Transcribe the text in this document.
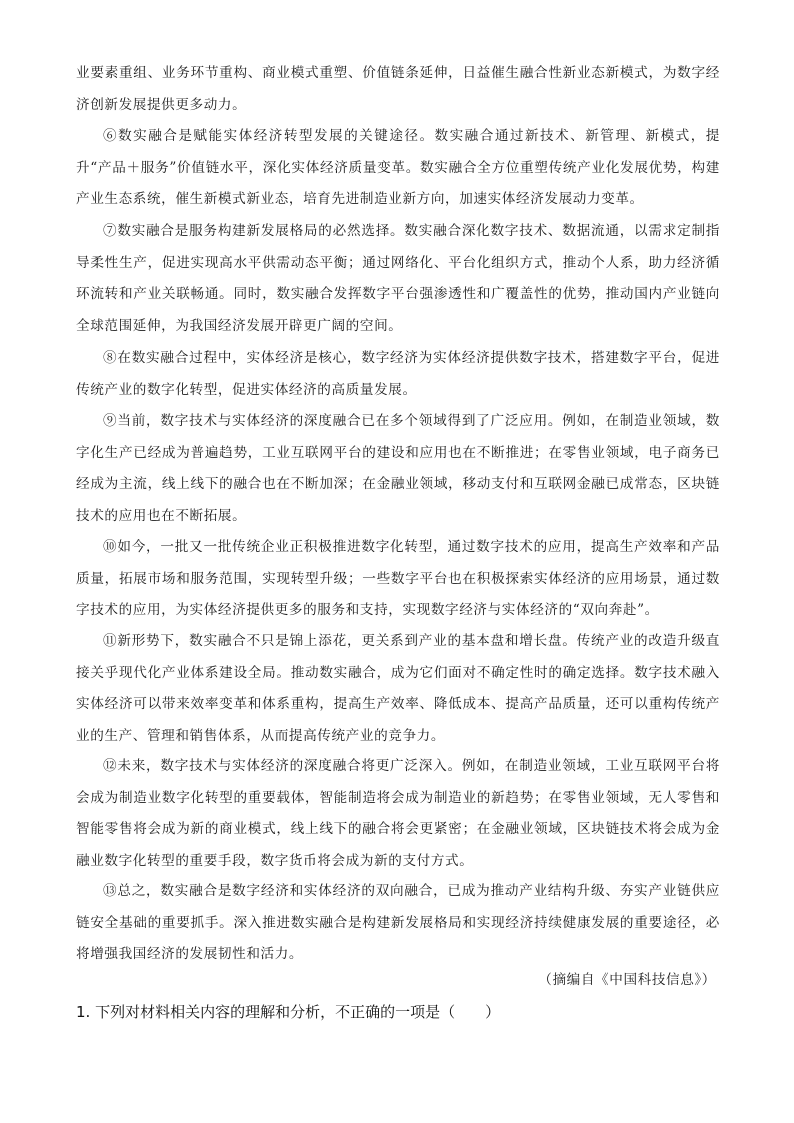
业要素重组、业务环节重构、商业模式重塑、价值链条延伸，日益催生融合性新业态新模式，为数字经济创新发展提供更多动力。

⑥数实融合是赋能实体经济转型发展的关键途径。数实融合通过新技术、新管理、新模式，提升“产品＋服务”价值链水平，深化实体经济质量变革。数实融合全方位重塑传统产业化发展优势，构建产业生态系统，催生新模式新业态，培育先进制造业新方向，加速实体经济发展动力变革。

⑦数实融合是服务构建新发展格局的必然选择。数实融合深化数字技术、数据流通，以需求定制指导柔性生产，促进实现高水平供需动态平衡；通过网络化、平台化组织方式，推动个人系，助力经济循环流转和产业关联畅通。同时，数实融合发挥数字平台强渗透性和广覆盖性的优势，推动国内产业链向全球范围延伸，为我国经济发展开辟更广阔的空间。

⑧在数实融合过程中，实体经济是核心，数字经济为实体经济提供数字技术，搭建数字平台，促进传统产业的数字化转型，促进实体经济的高质量发展。

⑨当前，数字技术与实体经济的深度融合已在多个领域得到了广泛应用。例如，在制造业领域，数字化生产已经成为普遍趋势，工业互联网平台的建设和应用也在不断推进；在零售业领域，电子商务已经成为主流，线上线下的融合也在不断加深；在金融业领域，移动支付和互联网金融已成常态，区块链技术的应用也在不断拓展。

⑩如今，一批又一批传统企业正积极推进数字化转型，通过数字技术的应用，提高生产效率和产品质量，拓展市场和服务范围，实现转型升级；一些数字平台也在积极探索实体经济的应用场景，通过数字技术的应用，为实体经济提供更多的服务和支持，实现数字经济与实体经济的“双向奔赴”。

⑪新形势下，数实融合不只是锦上添花，更关系到产业的基本盘和增长盘。传统产业的改造升级直接关乎现代化产业体系建设全局。推动数实融合，成为它们面对不确定性时的确定选择。数字技术融入实体经济可以带来效率变革和体系重构，提高生产效率、降低成本、提高产品质量，还可以重构传统产业的生产、管理和销售体系，从而提高传统产业的竞争力。

⑫未来，数字技术与实体经济的深度融合将更广泛深入。例如，在制造业领域，工业互联网平台将会成为制造业数字化转型的重要载体，智能制造将会成为制造业的新趋势；在零售业领域，无人零售和智能零售将会成为新的商业模式，线上线下的融合将会更紧密；在金融业领域，区块链技术将会成为金融业数字化转型的重要手段，数字货币将会成为新的支付方式。

⑬总之，数实融合是数字经济和实体经济的双向融合，已成为推动产业结构升级、夯实产业链供应链安全基础的重要抓手。深入推进数实融合是构建新发展格局和实现经济持续健康发展的重要途径，必将增强我国经济的发展韧性和活力。

（摘编自《中国科技信息》）
1. 下列对材料相关内容的理解和分析，不正确的一项是（　　）
